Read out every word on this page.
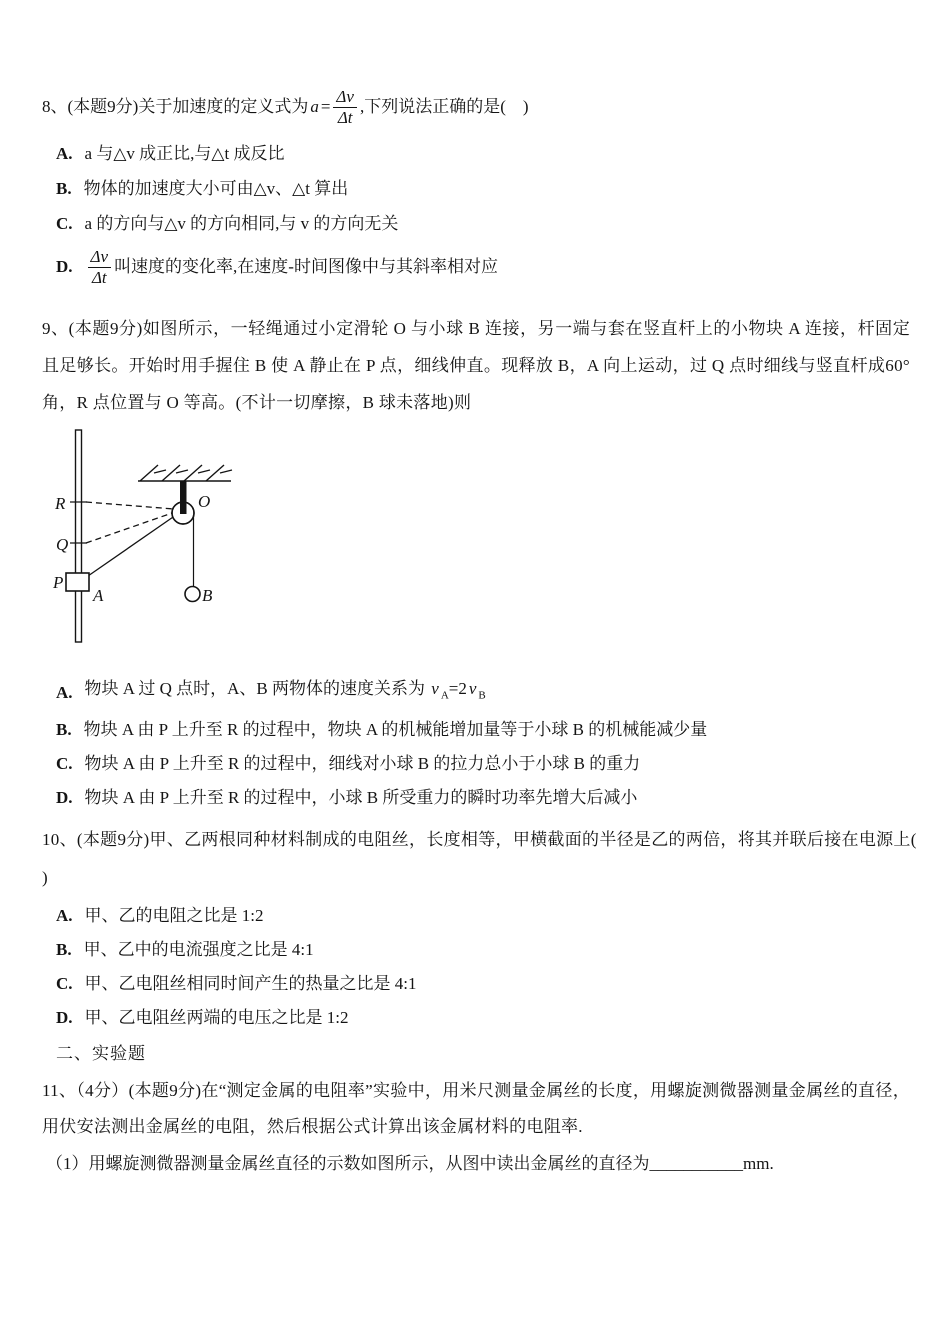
8、(本题9分)关于加速度的定义式为 $a = \frac{\Delta v}{\Delta t}$ ,下列说法正确的是(　)
A. a 与△v 成正比,与△t 成反比
B. 物体的加速度大小可由△v、△t 算出
C. a 的方向与△v 的方向相同,与 v 的方向无关
D. $\frac{\Delta v}{\Delta t}$ 叫速度的变化率,在速度-时间图像中与其斜率相对应
9、(本题9分)如图所示，一轻绳通过小定滑轮 O 与小球 B 连接，另一端与套在竖直杆上的小物块 A 连接，杆固定且足够长。开始时用手握住 B 使 A 静止在 P 点，细线伸直。现释放 B，A 向上运动，过 Q 点时细线与竖直杆成60°角，R 点位置与 O 等高。(不计一切摩擦，B 球未落地)则
R
Q
P
A
O
B
A. 物块 A 过 Q 点时，A、B 两物体的速度关系为 v $_A$=2 v $_B$
B. 物块 A 由 P 上升至 R 的过程中，物块 A 的机械能增加量等于小球 B 的机械能减少量
C. 物块 A 由 P 上升至 R 的过程中，细线对小球 B 的拉力总小于小球 B 的重力
D. 物块 A 由 P 上升至 R 的过程中，小球 B 所受重力的瞬时功率先增大后减小
10、(本题9分)甲、乙两根同种材料制成的电阻丝，长度相等，甲横截面的半径是乙的两倍，将其并联后接在电源上(
)
A. 甲、乙的电阻之比是 1:2
B. 甲、乙中的电流强度之比是 4:1
C. 甲、乙电阻丝相同时间产生的热量之比是 4:1
D. 甲、乙电阻丝两端的电压之比是 1:2
二、实验题
11、（4分）(本题9分)在“测定金属的电阻率”实验中，用米尺测量金属丝的长度，用螺旋测微器测量金属丝的直径，用伏安法测出金属丝的电阻，然后根据公式计算出该金属材料的电阻率.
（1）用螺旋测微器测量金属丝直径的示数如图所示，从图中读出金属丝的直径为___________mm.
